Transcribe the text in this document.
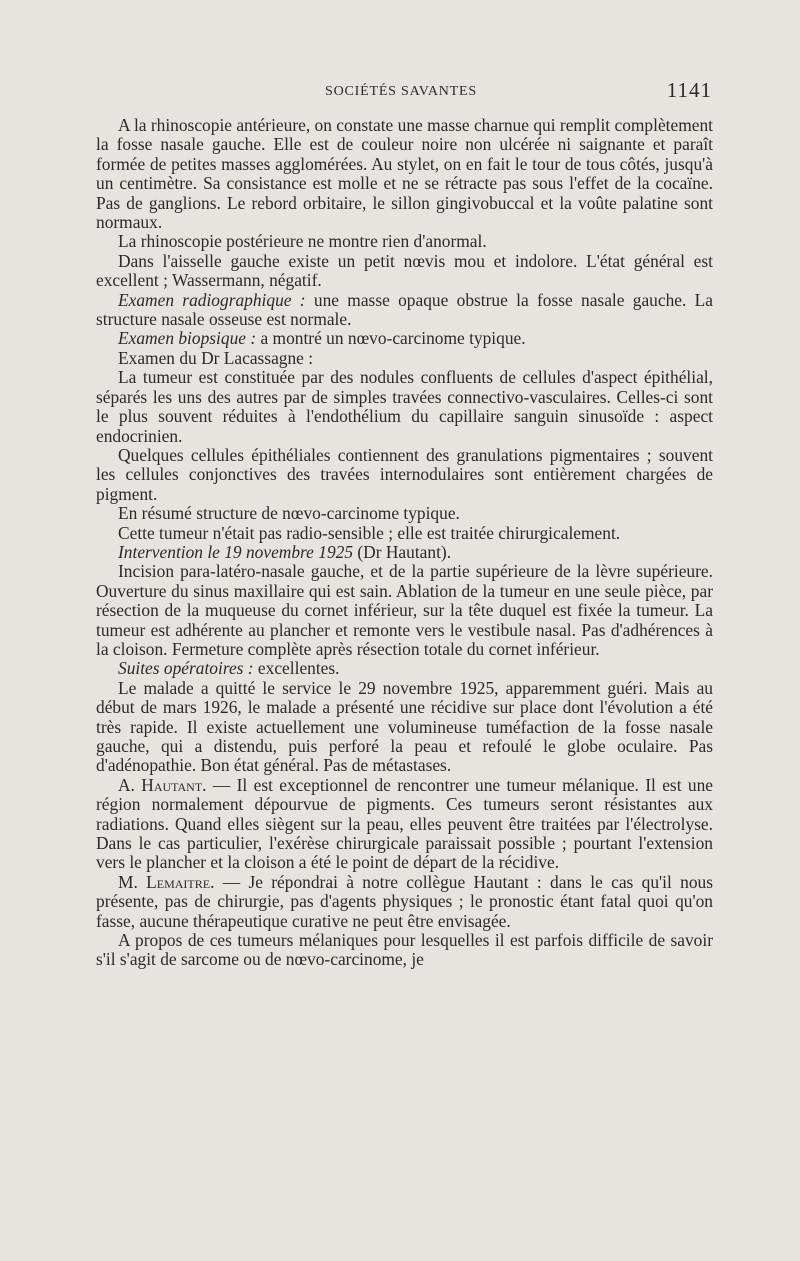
SOCIÉTÉS SAVANTES	1141

A la rhinoscopie antérieure, on constate une masse charnue qui remplit complètement la fosse nasale gauche. Elle est de couleur noire non ulcérée ni saignante et paraît formée de petites masses agglomérées. Au stylet, on en fait le tour de tous côtés, jusqu'à un centimètre. Sa consistance est molle et ne se rétracte pas sous l'effet de la cocaïne. Pas de ganglions. Le rebord orbitaire, le sillon gingivobuccal et la voûte palatine sont normaux.

La rhinoscopie postérieure ne montre rien d'anormal.

Dans l'aisselle gauche existe un petit nœvis mou et indolore. L'état général est excellent ; Wassermann, négatif.

Examen radiographique : une masse opaque obstrue la fosse nasale gauche. La structure nasale osseuse est normale.

Examen biopsique : a montré un nœvo-carcinome typique.

Examen du Dr Lacassagne :

La tumeur est constituée par des nodules confluents de cellules d'aspect épithélial, séparés les uns des autres par de simples travées connectivo-vasculaires. Celles-ci sont le plus souvent réduites à l'endothélium du capillaire sanguin sinusoïde : aspect endocrinien.

Quelques cellules épithéliales contiennent des granulations pigmentaires ; souvent les cellules conjonctives des travées internodulaires sont entièrement chargées de pigment.

En résumé structure de nœvo-carcinome typique.

Cette tumeur n'était pas radio-sensible ; elle est traitée chirurgicalement.

Intervention le 19 novembre 1925 (Dr Hautant).

Incision para-latéro-nasale gauche, et de la partie supérieure de la lèvre supérieure. Ouverture du sinus maxillaire qui est sain. Ablation de la tumeur en une seule pièce, par résection de la muqueuse du cornet inférieur, sur la tête duquel est fixée la tumeur. La tumeur est adhérente au plancher et remonte vers le vestibule nasal. Pas d'adhérences à la cloison. Fermeture complète après résection totale du cornet inférieur.

Suites opératoires : excellentes.

Le malade a quitté le service le 29 novembre 1925, apparemment guéri. Mais au début de mars 1926, le malade a présenté une récidive sur place dont l'évolution a été très rapide. Il existe actuellement une volumineuse tuméfaction de la fosse nasale gauche, qui a distendu, puis perforé la peau et refoulé le globe oculaire. Pas d'adénopathie. Bon état général. Pas de métastases.

A. Hautant. — Il est exceptionnel de rencontrer une tumeur mélanique. Il est une région normalement dépourvue de pigments. Ces tumeurs seront résistantes aux radiations. Quand elles siègent sur la peau, elles peuvent être traitées par l'électrolyse. Dans le cas particulier, l'exérèse chirurgicale paraissait possible ; pourtant l'extension vers le plancher et la cloison a été le point de départ de la récidive.

M. Lemaitre. — Je répondrai à notre collègue Hautant : dans le cas qu'il nous présente, pas de chirurgie, pas d'agents physiques ; le pronostic étant fatal quoi qu'on fasse, aucune thérapeutique curative ne peut être envisagée.

A propos de ces tumeurs mélaniques pour lesquelles il est parfois difficile de savoir s'il s'agit de sarcome ou de nœvo-carcinome, je
